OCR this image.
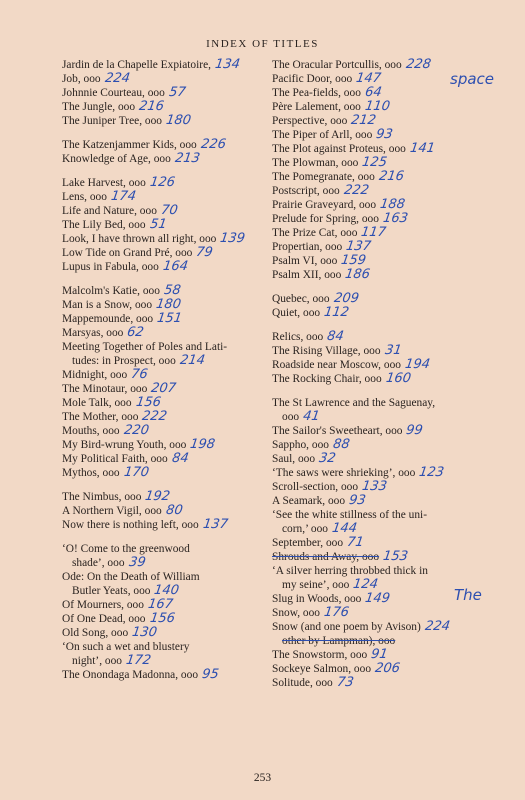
INDEX OF TITLES
Jardin de la Chapelle Expiatoire, 134
Job, ooo 224
Johnnie Courteau, ooo 57
The Jungle, ooo 216
The Juniper Tree, ooo 180
The Katzenjammer Kids, ooo 226
Knowledge of Age, ooo 213
Lake Harvest, ooo 126
Lens, ooo 174
Life and Nature, ooo 70
The Lily Bed, ooo 51
Look, I have thrown all right, ooo 139
Low Tide on Grand Pré, ooo 79
Lupus in Fabula, ooo 164
Malcolm's Katie, ooo 58
Man is a Snow, ooo 180
Mappemounde, ooo 151
Marsyas, ooo 62
Meeting Together of Poles and Lati-
tudes: in Prospect, ooo 214
Midnight, ooo 76
The Minotaur, ooo 207
Mole Talk, ooo 156
The Mother, ooo 222
Mouths, ooo 220
My Bird-wrung Youth, ooo 198
My Political Faith, ooo 84
Mythos, ooo 170
The Nimbus, ooo 192
A Northern Vigil, ooo 80
Now there is nothing left, ooo 137
‘O! Come to the greenwood
shade’, ooo 39
Ode: On the Death of William
Butler Yeats, ooo 140
Of Mourners, ooo 167
Of One Dead, ooo 156
Old Song, ooo 130
‘On such a wet and blustery
night’, ooo 172
The Onondaga Madonna, ooo 95
The Oracular Portcullis, ooo 228
Pacific Door, ooo 147
The Pea-fields, ooo 64
Père Lalement, ooo 110
Perspective, ooo 212
The Piper of Arll, ooo 93
The Plot against Proteus, ooo 141
The Plowman, ooo 125
The Pomegranate, ooo 216
Postscript, ooo 222
Prairie Graveyard, ooo 188
Prelude for Spring, ooo 163
The Prize Cat, ooo 117
Propertian, ooo 137
Psalm VI, ooo 159
Psalm XII, ooo 186
Quebec, ooo 209
Quiet, ooo 112
Relics, ooo 84
The Rising Village, ooo 31
Roadside near Moscow, ooo 194
The Rocking Chair, ooo 160
The St Lawrence and the Saguenay,
ooo 41
The Sailor's Sweetheart, ooo 99
Sappho, ooo 88
Saul, ooo 32
‘The saws were shrieking’, ooo 123
Scroll-section, ooo 133
A Seamark, ooo 93
‘See the white stillness of the uni-
corn,’ ooo 144
September, ooo 71
Shrouds and Away, ooo 153
‘A silver herring throbbed thick in
my seine’, ooo 124
Slug in Woods, ooo 149
Snow, ooo 176
Snow (and one poem by Avison) 224
other by Lampman), ooo
The Snowstorm, ooo 91
Sockeye Salmon, ooo 206
Solitude, ooo 73
space
The
253
